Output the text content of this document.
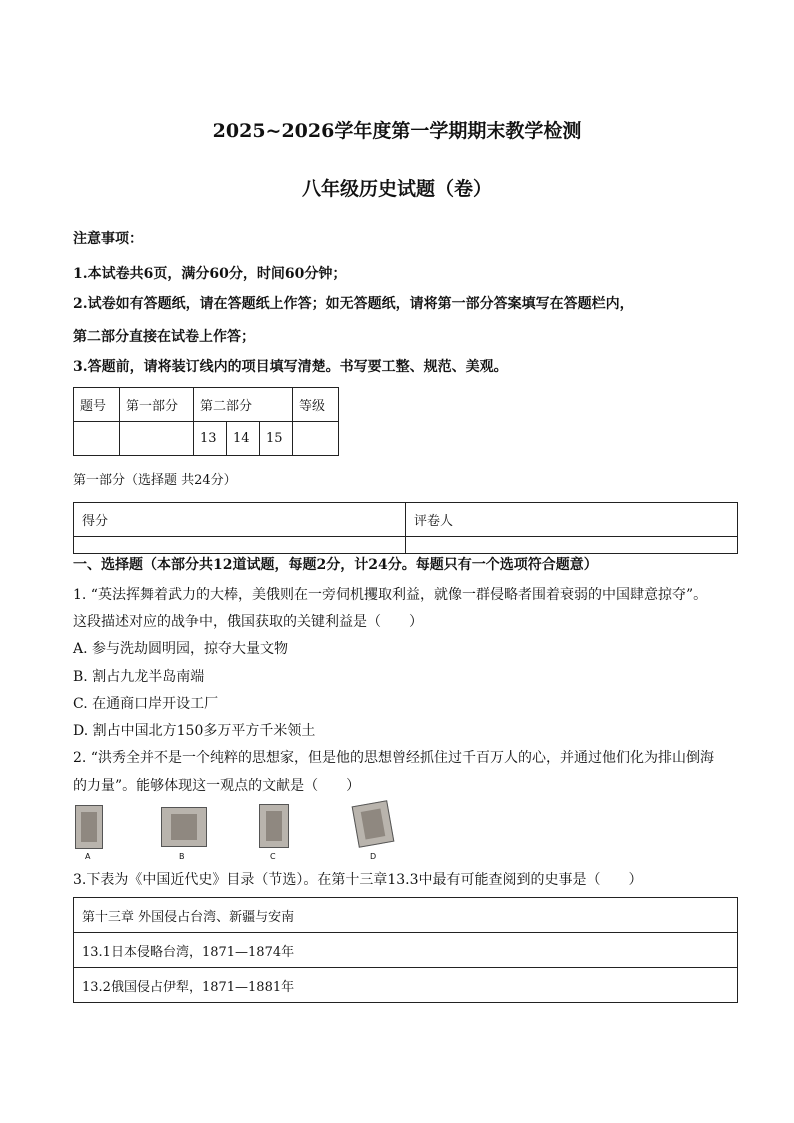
2025~2026学年度第一学期期末教学检测
八年级历史试题（卷）
注意事项：
1.本试卷共6页，满分60分，时间60分钟；
2.试卷如有答题纸，请在答题纸上作答；如无答题纸，请将第一部分答案填写在答题栏内，
第二部分直接在试卷上作答；
3.答题前，请将装订线内的项目填写清楚。书写要工整、规范、美观。
题号	第一部分	第二部分			等级
		13	14	15	
第一部分（选择题 共24分）
得分	评卷人

一、选择题（本部分共12道试题，每题2分，计24分。每题只有一个选项符合题意）
1. “英法挥舞着武力的大棒，美俄则在一旁伺机攫取利益，就像一群侵略者围着衰弱的中国肆意掠夺”。
这段描述对应的战争中，俄国获取的关键利益是（　　）
A. 参与洗劫圆明园，掠夺大量文物
B. 割占九龙半岛南端
C. 在通商口岸开设工厂
D. 割占中国北方150多万平方千米领土
2. “洪秀全并不是一个纯粹的思想家，但是他的思想曾经抓住过千百万人的心，并通过他们化为排山倒海
的力量”。能够体现这一观点的文献是（　　）
A	B	C	D
3.下表为《中国近代史》目录（节选）。在第十三章13.3中最有可能查阅到的史事是（　　）
第十三章 外国侵占台湾、新疆与安南
13.1日本侵略台湾，1871—1874年
13.2俄国侵占伊犁，1871—1881年
